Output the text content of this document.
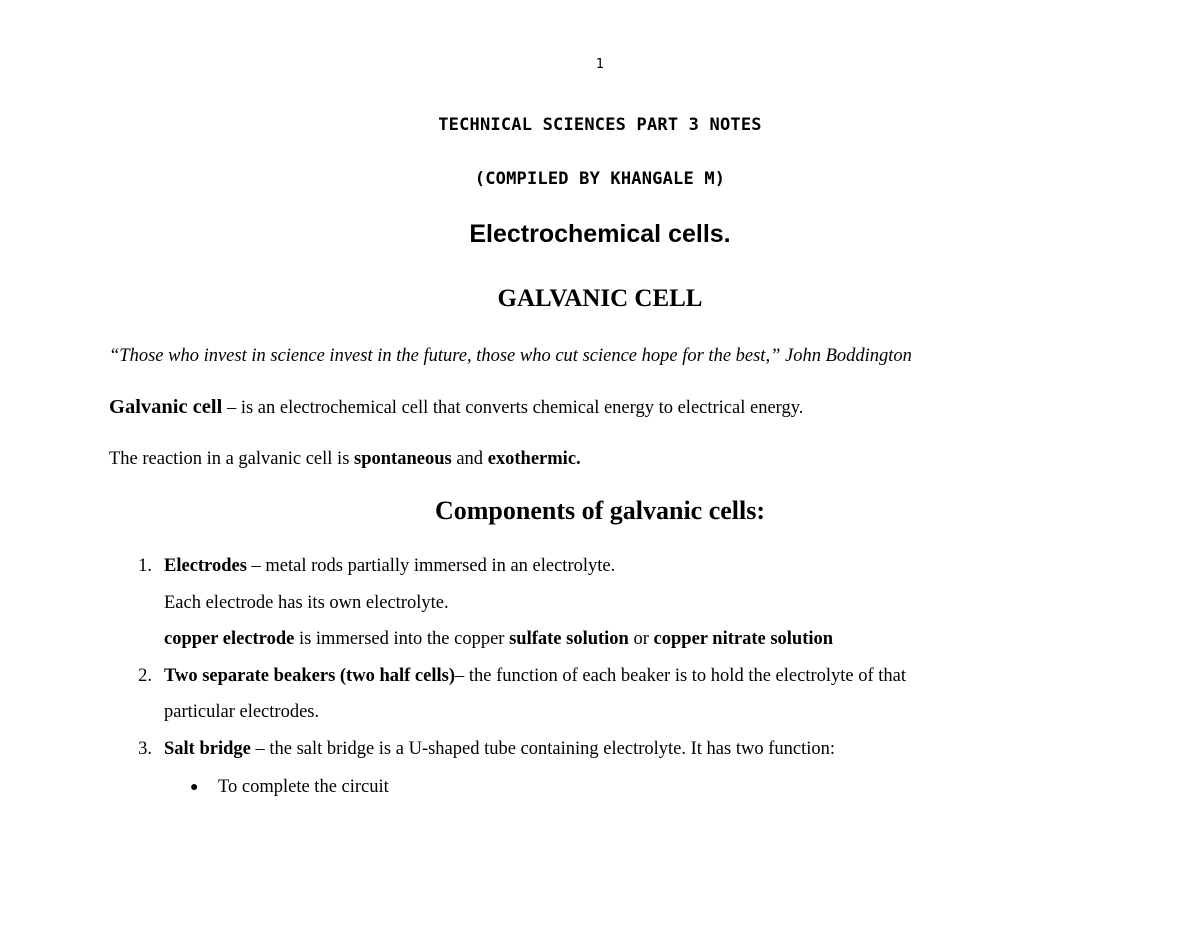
1
TECHNICAL SCIENCES PART 3 NOTES
(COMPILED BY KHANGALE M)
Electrochemical cells.
GALVANIC CELL
“Those who invest in science invest in the future, those who cut science hope for the best,” John Boddington
Galvanic cell – is an electrochemical cell that converts chemical energy to electrical energy.
The reaction in a galvanic cell is spontaneous and exothermic.
Components of galvanic cells:
1. Electrodes – metal rods partially immersed in an electrolyte.
Each electrode has its own electrolyte.
copper electrode is immersed into the copper sulfate solution or copper nitrate solution
2. Two separate beakers (two half cells)– the function of each beaker is to hold the electrolyte of that
particular electrodes.
3. Salt bridge – the salt bridge is a U-shaped tube containing electrolyte. It has two function:
● To complete the circuit
